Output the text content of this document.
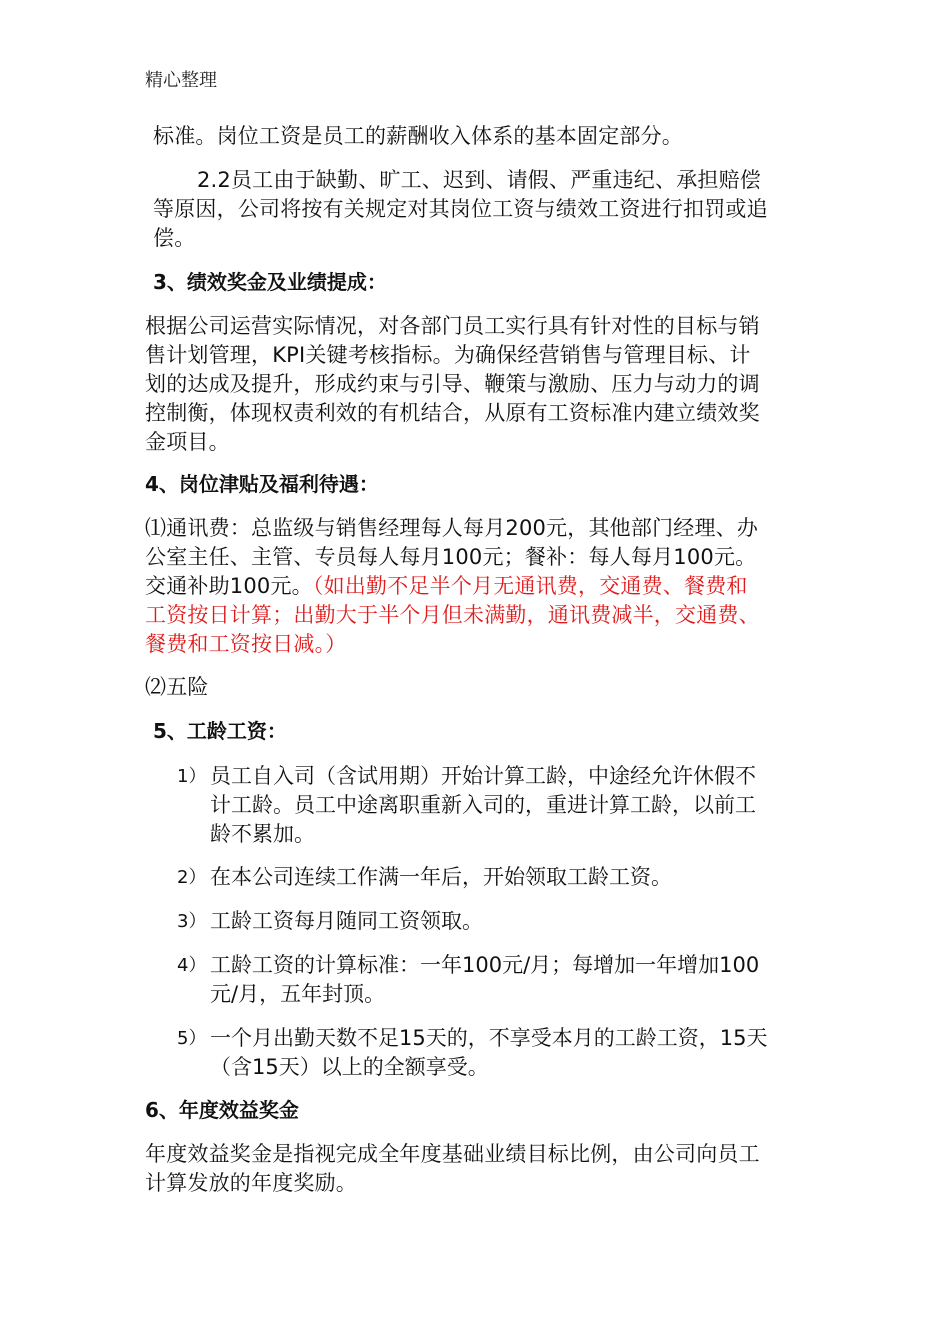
精心整理
标准。岗位工资是员工的薪酬收入体系的基本固定部分。
2.2员工由于缺勤、旷工、迟到、请假、严重违纪、承担赔偿
等原因，公司将按有关规定对其岗位工资与绩效工资进行扣罚或追
偿。
3、绩效奖金及业绩提成：
根据公司运营实际情况，对各部门员工实行具有针对性的目标与销
售计划管理，KPI关键考核指标。为确保经营销售与管理目标、计
划的达成及提升，形成约束与引导、鞭策与激励、压力与动力的调
控制衡，体现权责利效的有机结合，从原有工资标准内建立绩效奖
金项目。
4、岗位津贴及福利待遇：
⑴通讯费：总监级与销售经理每人每月200元，其他部门经理、办
公室主任、主管、专员每人每月100元；餐补：每人每月100元。
交通补助100元。（如出勤不足半个月无通讯费，交通费、餐费和
工资按日计算；出勤大于半个月但未满勤，通讯费减半，交通费、
餐费和工资按日减。）
⑵五险
5、工龄工资：
1） 员工自入司（含试用期）开始计算工龄，中途经允许休假不
计工龄。员工中途离职重新入司的，重进计算工龄，以前工
龄不累加。
2） 在本公司连续工作满一年后，开始领取工龄工资。
3） 工龄工资每月随同工资领取。
4） 工龄工资的计算标准：一年100元/月；每增加一年增加100
元/月，五年封顶。
5） 一个月出勤天数不足15天的，不享受本月的工龄工资，15天
（含15天）以上的全额享受。
6、年度效益奖金
年度效益奖金是指视完成全年度基础业绩目标比例，由公司向员工
计算发放的年度奖励。
